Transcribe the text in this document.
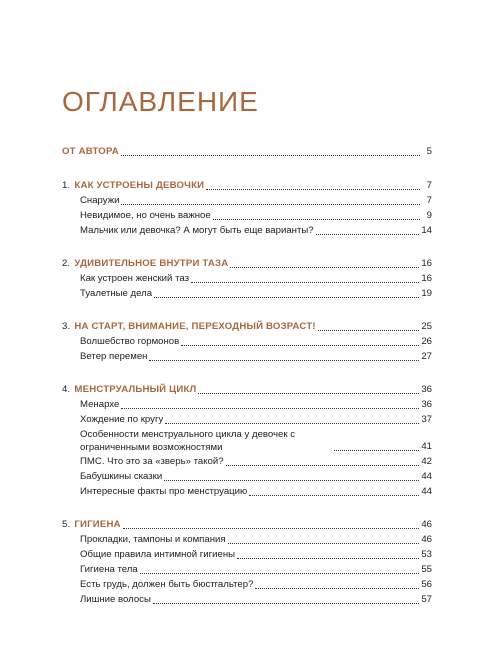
ОГЛАВЛЕНИЕ
ОТ АВТОРА	5
1. КАК УСТРОЕНЫ ДЕВОЧКИ	7
Снаружи	7
Невидимое, но очень важное	9
Мальчик или девочка? А могут быть еще варианты?	14
2. УДИВИТЕЛЬНОЕ ВНУТРИ ТАЗА	16
Как устроен женский таз	16
Туалетные дела	19
3. НА СТАРТ, ВНИМАНИЕ, ПЕРЕХОДНЫЙ ВОЗРАСТ!	25
Волшебство гормонов	26
Ветер перемен	27
4. МЕНСТРУАЛЬНЫЙ ЦИКЛ	36
Менархе	36
Хождение по кругу	37
Особенности менструального цикла у девочек с ограниченными возможностями	41
ПМС. Что это за «зверь» такой?	42
Бабушкины сказки	44
Интересные факты про менструацию	44
5. ГИГИЕНА	46
Прокладки, тампоны и компания	46
Общие правила интимной гигиены	53
Гигиена тела	55
Есть грудь, должен быть бюстгальтер?	56
Лишние волосы	57
